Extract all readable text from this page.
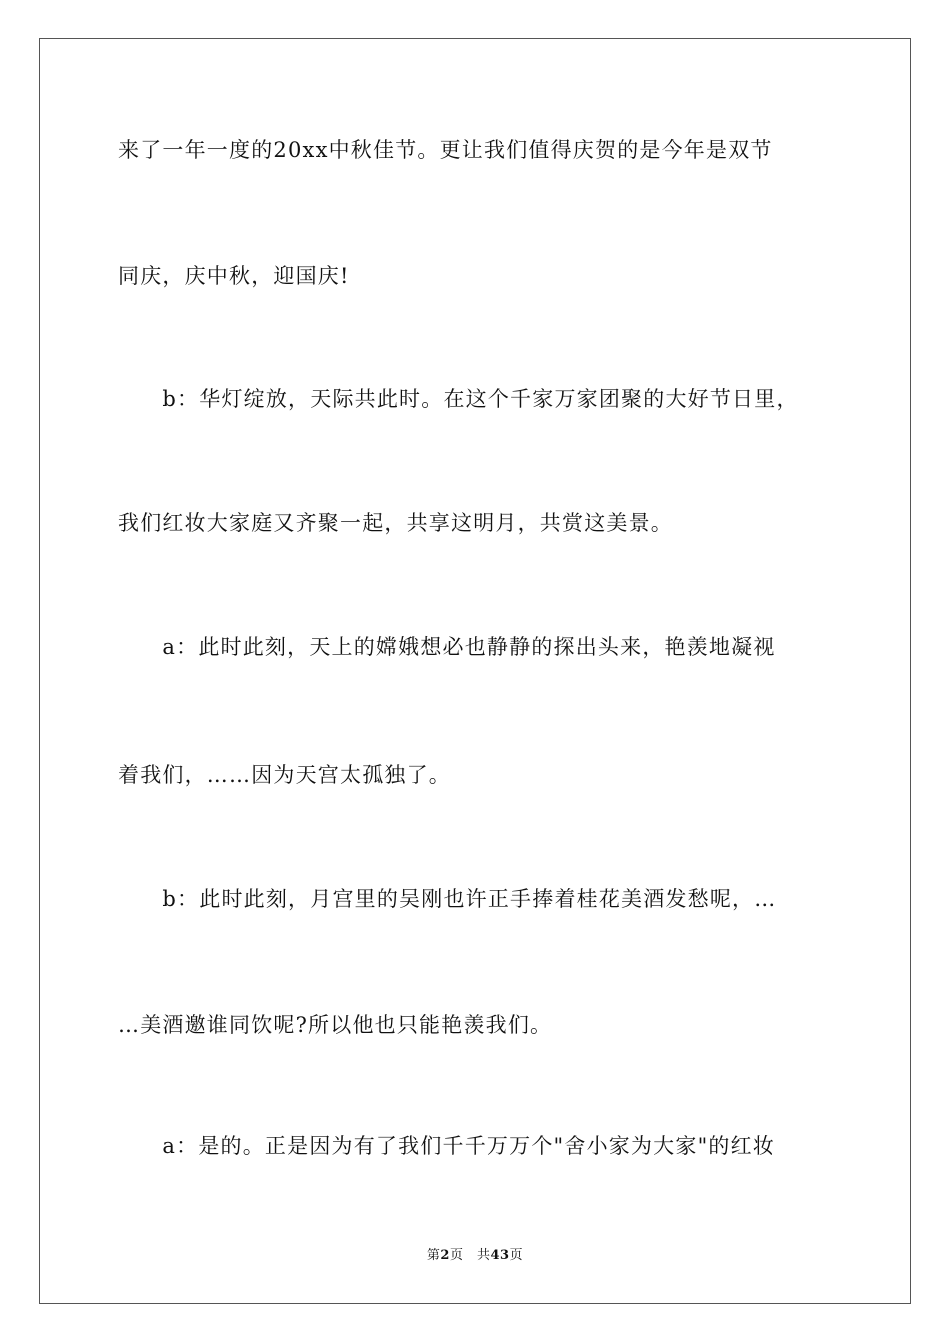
来了一年一度的20xx中秋佳节。更让我们值得庆贺的是今年是双节
同庆，庆中秋，迎国庆!
　　b：华灯绽放，天际共此时。在这个千家万家团聚的大好节日里，
我们红妆大家庭又齐聚一起，共享这明月，共赏这美景。
　　a：此时此刻，天上的嫦娥想必也静静的探出头来，艳羡地凝视
着我们，……因为天宫太孤独了。
　　b：此时此刻，月宫里的吴刚也许正手捧着桂花美酒发愁呢，…
…美酒邀谁同饮呢?所以他也只能艳羡我们。
　　a：是的。正是因为有了我们千千万万个"舍小家为大家"的红妆
第2页　共43页
